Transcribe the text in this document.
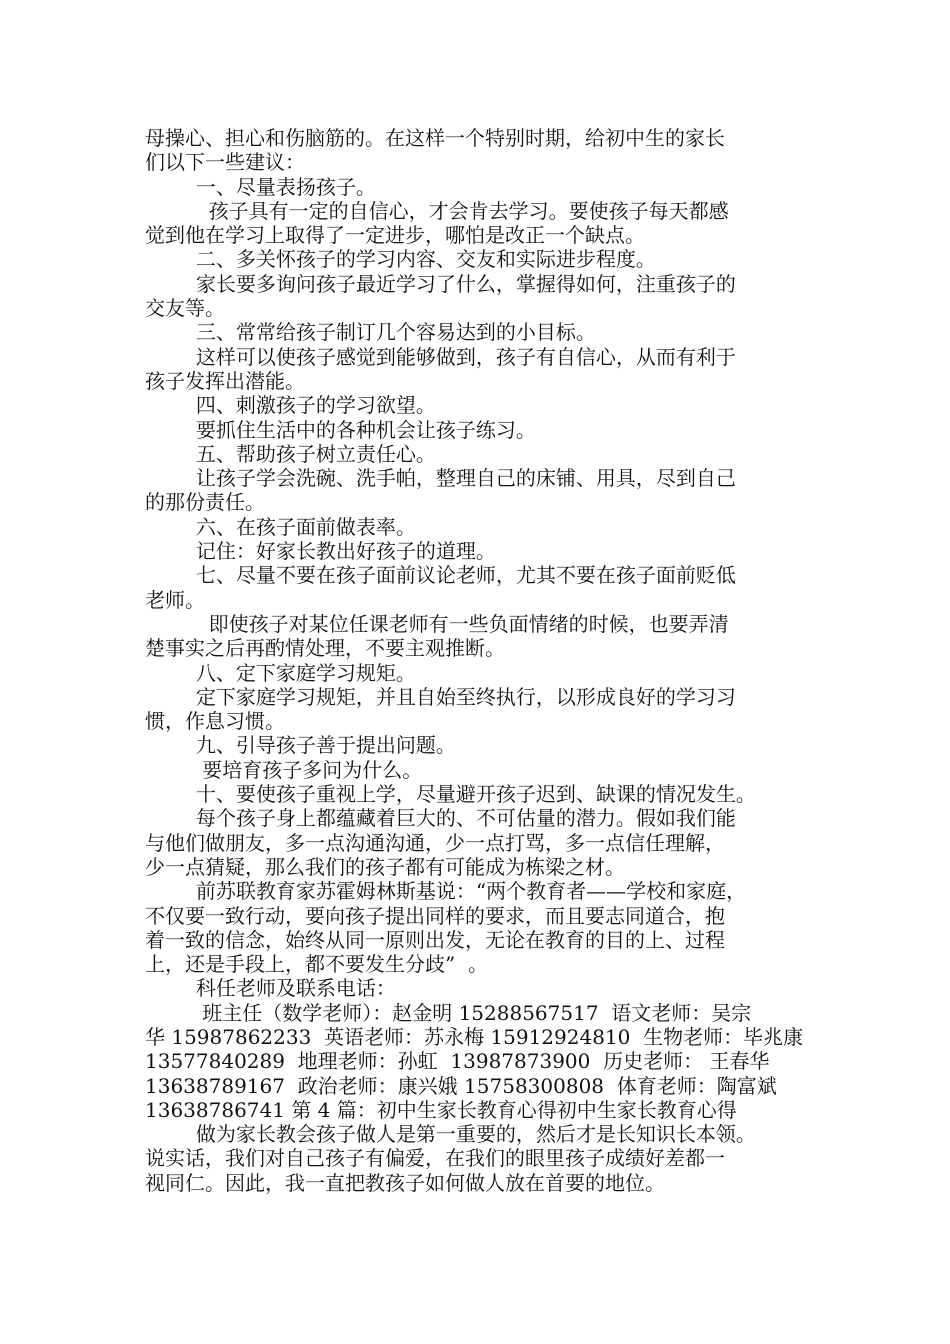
母操心、担心和伤脑筋的。在这样一个特别时期，给初中生的家长
们以下一些建议：
一、尽量表扬孩子。
孩子具有一定的自信心，才会肯去学习。要使孩子每天都感
觉到他在学习上取得了一定进步，哪怕是改正一个缺点。
二、多关怀孩子的学习内容、交友和实际进步程度。
家长要多询问孩子最近学习了什么，掌握得如何，注重孩子的
交友等。
三、常常给孩子制订几个容易达到的小目标。
这样可以使孩子感觉到能够做到，孩子有自信心，从而有利于
孩子发挥出潜能。
四、刺激孩子的学习欲望。
要抓住生活中的各种机会让孩子练习。
五、帮助孩子树立责任心。
让孩子学会洗碗、洗手帕，整理自己的床铺、用具，尽到自己
的那份责任。
六、在孩子面前做表率。
记住：好家长教出好孩子的道理。
七、尽量不要在孩子面前议论老师，尤其不要在孩子面前贬低
老师。
即使孩子对某位任课老师有一些负面情绪的时候，也要弄清
楚事实之后再酌情处理，不要主观推断。
八、定下家庭学习规矩。
定下家庭学习规矩，并且自始至终执行，以形成良好的学习习
惯，作息习惯。
九、引导孩子善于提出问题。
要培育孩子多问为什么。
十、要使孩子重视上学，尽量避开孩子迟到、缺课的情况发生。
每个孩子身上都蕴藏着巨大的、不可估量的潜力。假如我们能
与他们做朋友，多一点沟通沟通，少一点打骂，多一点信任理解，
少一点猜疑，那么我们的孩子都有可能成为栋梁之材。
前苏联教育家苏霍姆林斯基说：“两个教育者——学校和家庭，
不仅要一致行动，要向孩子提出同样的要求，而且要志同道合，抱
着一致的信念，始终从同一原则出发，无论在教育的目的上、过程
上，还是手段上，都不要发生分歧”  。
科任老师及联系电话：
班主任（数学老师）：赵金明 15288567517  语文老师：吴宗
华 15987862233  英语老师：苏永梅 15912924810  生物老师：毕兆康
13577840289  地理老师：孙虹  13987873900  历史老师： 王春华
13638789167  政治老师：康兴娥 15758300808  体育老师：陶富斌
13638786741 第 4 篇：初中生家长教育心得初中生家长教育心得
做为家长教会孩子做人是第一重要的，然后才是长知识长本领。
说实话，我们对自己孩子有偏爱，在我们的眼里孩子成绩好差都一
视同仁。因此，我一直把教孩子如何做人放在首要的地位。
